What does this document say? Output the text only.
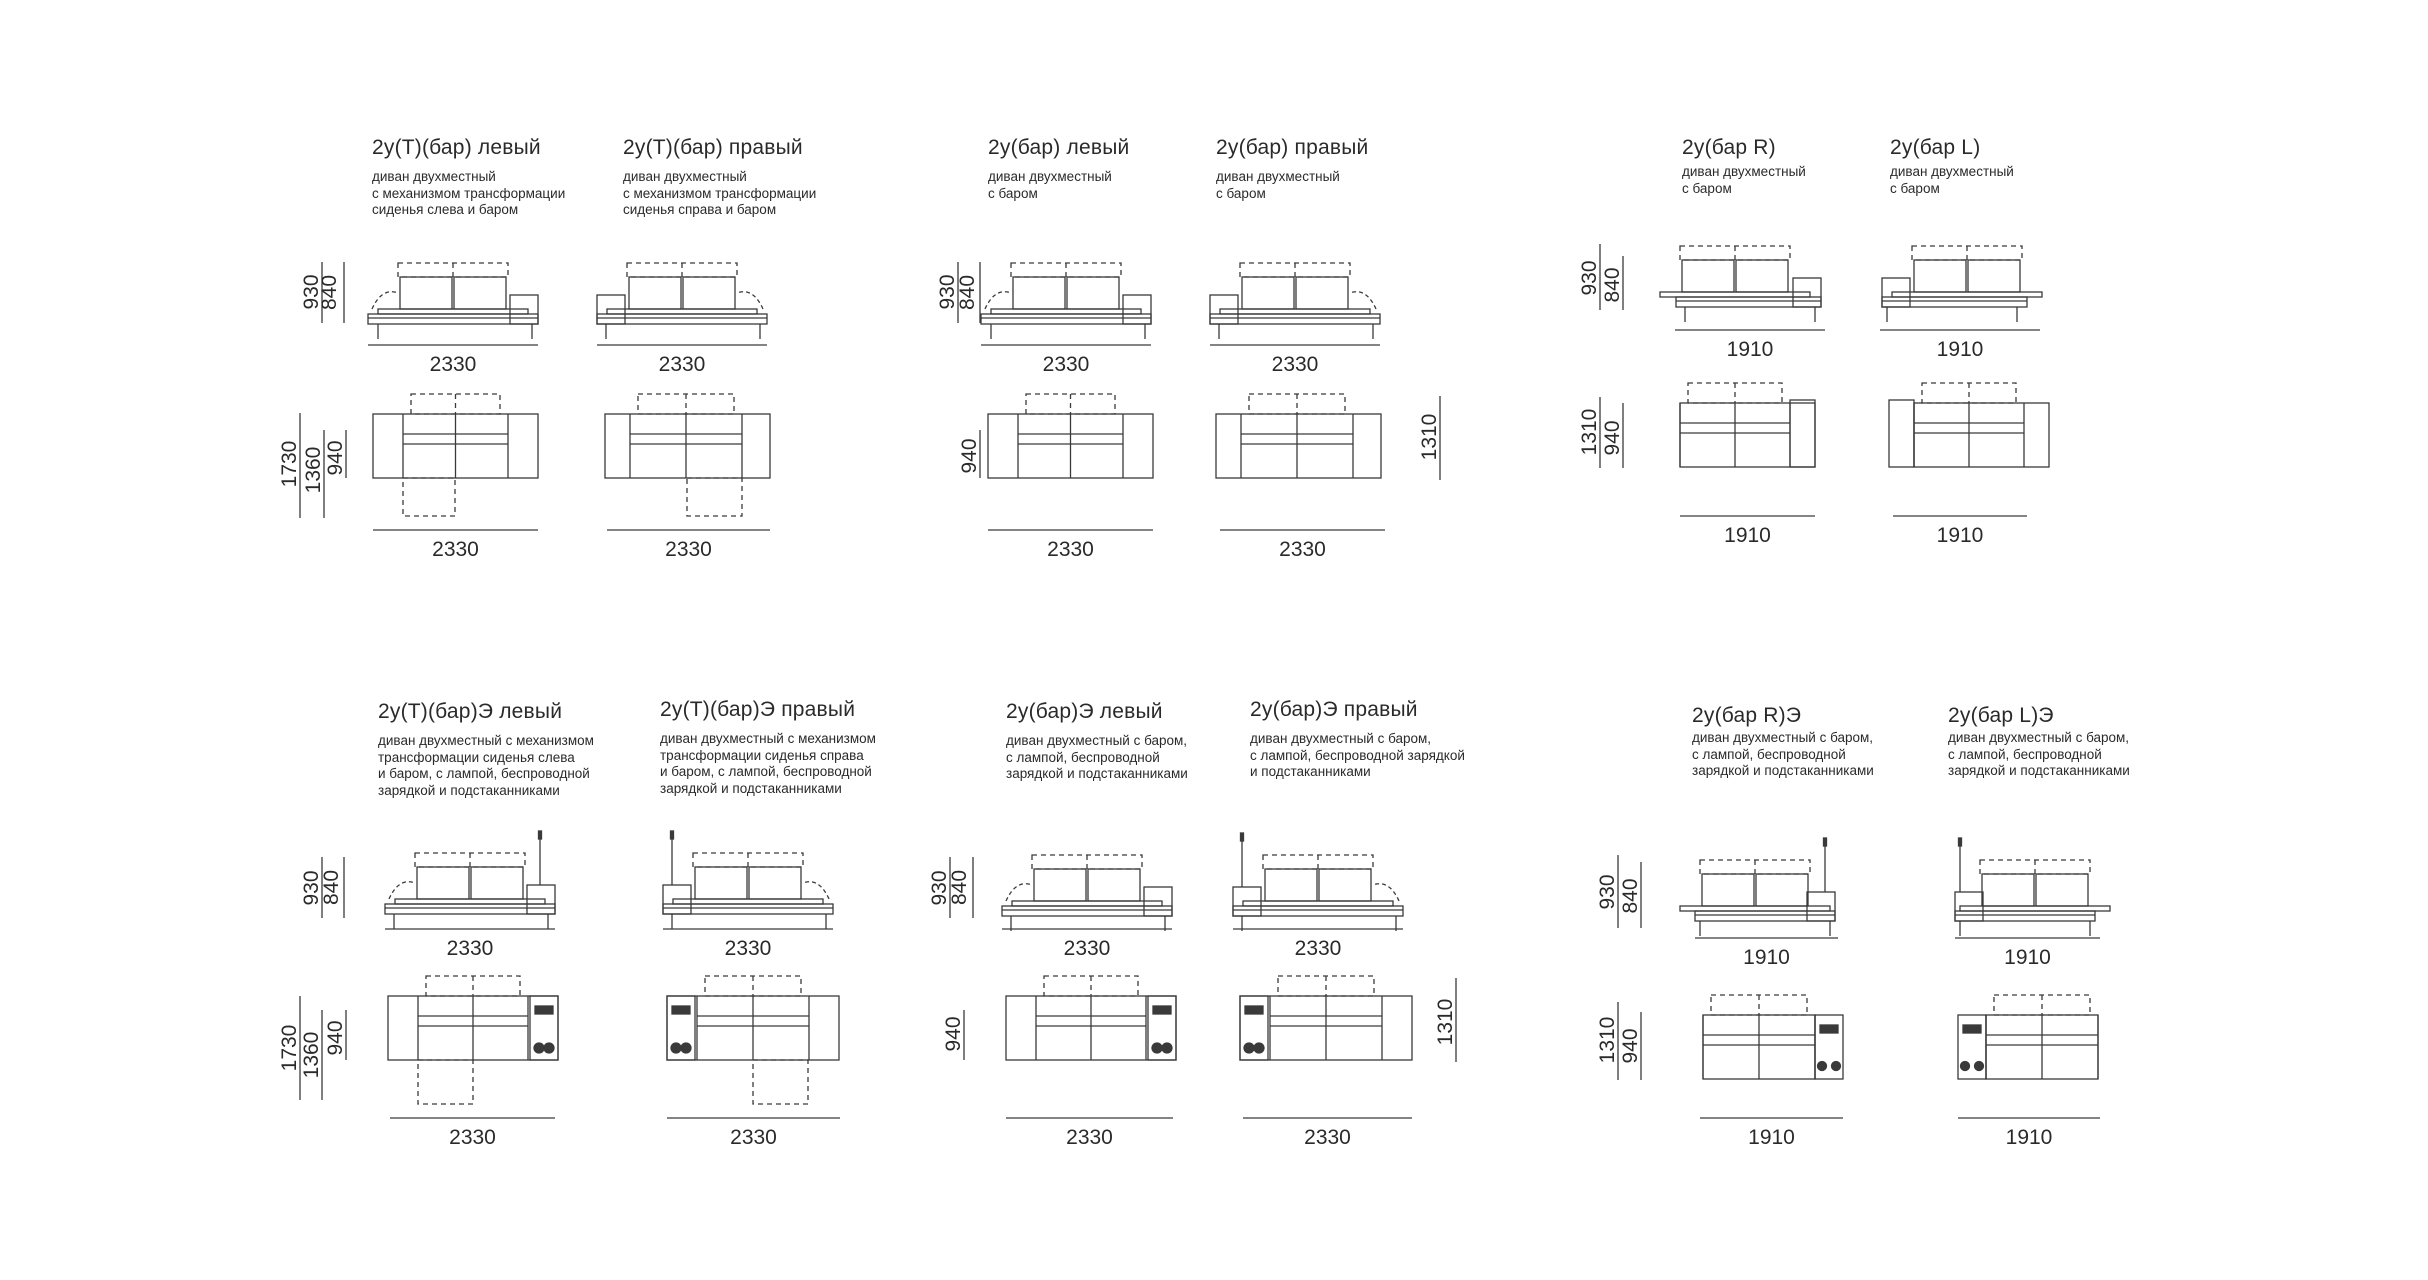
2у(Т)(бар) левый
диван двухместный
с механизмом трансформации
сиденья слева и баром
2у(Т)(бар) правый
диван двухместный
с механизмом трансформации
сиденья справа и баром
2у(бар) левый
диван двухместный
с баром
2у(бар) правый
диван двухместный
с баром
2у(бар R)
диван двухместный
с баром
2у(бар L)
диван двухместный
с баром
2у(Т)(бар)Э левый
диван двухместный с механизмом
трансформации сиденья слева
и баром, с лампой, беспроводной
зарядкой и подстаканниками
2у(Т)(бар)Э правый
диван двухместный с механизмом
трансформации сиденья справа
и баром, с лампой, беспроводной
зарядкой и подстаканниками
2у(бар)Э левый
диван двухместный с баром,
с лампой, беспроводной
зарядкой и подстаканниками
2у(бар)Э правый
диван двухместный с баром,
с лампой, беспроводной зарядкой
и подстаканниками
2у(бар R)Э
диван двухместный с баром,
с лампой, беспроводной
зарядкой и подстаканниками
2у(бар L)Э
диван двухместный с баром,
с лампой, беспроводной
зарядкой и подстаканниками
2330
840
930
2330
1730 1360 940
2330
2330
2330
930
840
2330
940
2330
2330
1310
1910
930 840
1910
1310 940
1910
1910
2330
930
840
2330
1730 1360 940
2330
2330
2330
930
840
2330
940
2330
2330
1310
1910
930 840
1910
1310 940
1910
1910
